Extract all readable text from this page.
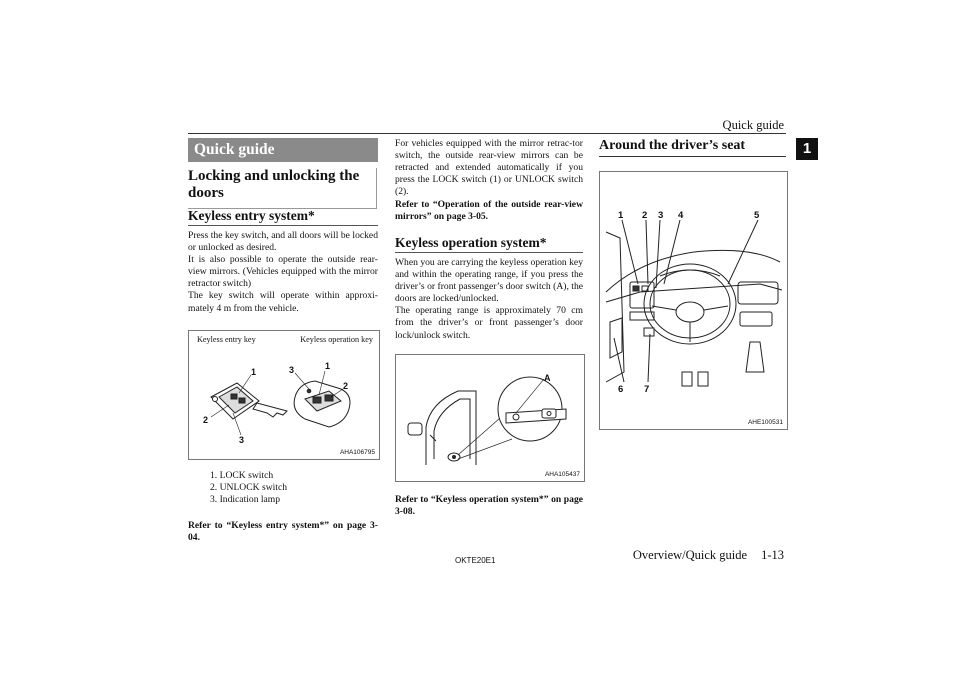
Quick guide
1
Quick guide
Locking and unlocking the doors
Keyless entry system*
Press the key switch, and all doors will be locked or unlocked as desired.
It is also possible to operate the outside rear-view mirrors. (Vehicles equipped with the mirror retractor switch)
The key switch will operate within approxi-mately 4 m from the vehicle.
Keyless entry key	Keyless operation key
1
2
3
3	1
2
AHA106795
1. LOCK switch
2. UNLOCK switch
3. Indication lamp
Refer to “Keyless entry system*” on page 3-04.
For vehicles equipped with the mirror retrac-tor switch, the outside rear-view mirrors can be retracted and extended automatically if you press the LOCK switch (1) or UNLOCK switch (2).
Refer to “Operation of the outside rear-view mirrors” on page 3-05.
Keyless operation system*
When you are carrying the keyless operation key and within the operating range, if you press the driver’s or front passenger’s door switch (A), the doors are locked/unlocked.
The operating range is approximately 70 cm from the driver’s or front passenger’s door lock/unlock switch.
A
AHA105437
Refer to “Keyless operation system*” on page 3-08.
Around the driver’s seat
1 2 3 4	5
6 7
AHE100531
OKTE20E1	Overview/Quick guide 1-13
